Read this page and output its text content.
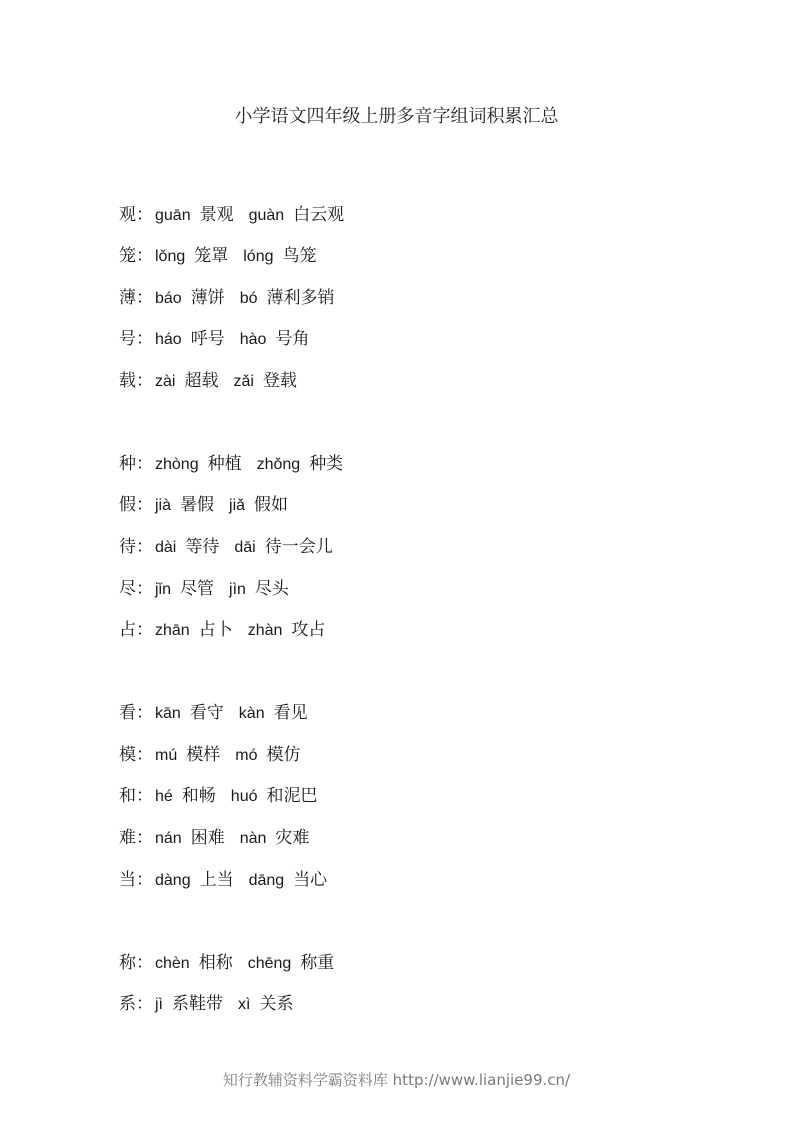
小学语文四年级上册多音字组词积累汇总
观： guān 景观 guàn 白云观
笼： lǒng 笼罩 lóng 鸟笼
薄： báo 薄饼 bó 薄利多销
号： háo 呼号 hào 号角
载： zài 超载 zǎi 登载
种： zhòng 种植 zhǒng 种类
假： jià 暑假 jiǎ 假如
待： dài 等待 dāi 待一会儿
尽： jǐn 尽管 jìn 尽头
占： zhān 占卜 zhàn 攻占
看： kān 看守 kàn 看见
模： mú 模样 mó 模仿
和： hé 和畅 huó 和泥巴
难： nán 困难 nàn 灾难
当： dàng 上当 dāng 当心
称： chèn 相称 chēng 称重
系： jì 系鞋带 xì 关系
知行教辅资料学霸资料库 http://www.lianjie99.cn/
